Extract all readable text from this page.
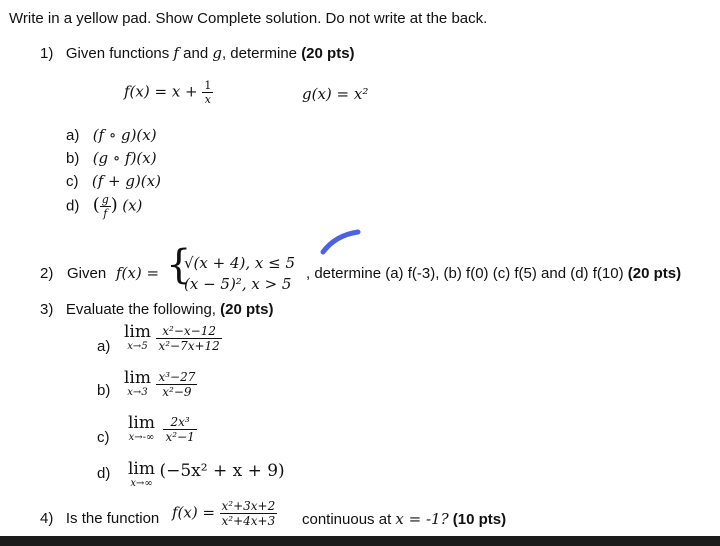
Write in a yellow pad. Show Complete solution. Do not write at the back.
1) Given functions f and g, determine (20 pts)
$f(x) = x + \frac{1}{x}$	g(x) = x²
a) (f ∘ g)(x)
b) (g ∘ f)(x)
c) (f + g)(x)
d) ( $\frac{g}{f}$ ) (x)
2) Given f(x) = {
√(x + 4), x ≤ 5
(x − 5)², x > 5
, determine (a) f(-3), (b) f(0) (c) f(5) and (d) f(10) (20 pts)
3) Evaluate the following, (20 pts)
a)
lim
x→5
$\frac{\text{x²−x−12}}{\text{x²−7x+12}}$
b)
lim
x→3
$\frac{\text{x³−27}}{\text{x²−9}}$
c)
lim
x→-∞
$\frac{\text{2x³}}{\text{x²−1}}$
d) lim
x→∞
(−5x² + x + 9)
4) Is the function $f(x) = \frac{\text{x²+3x+2}}{\text{x²+4x+3}}$ continuous at x = -1? (10 pts)
